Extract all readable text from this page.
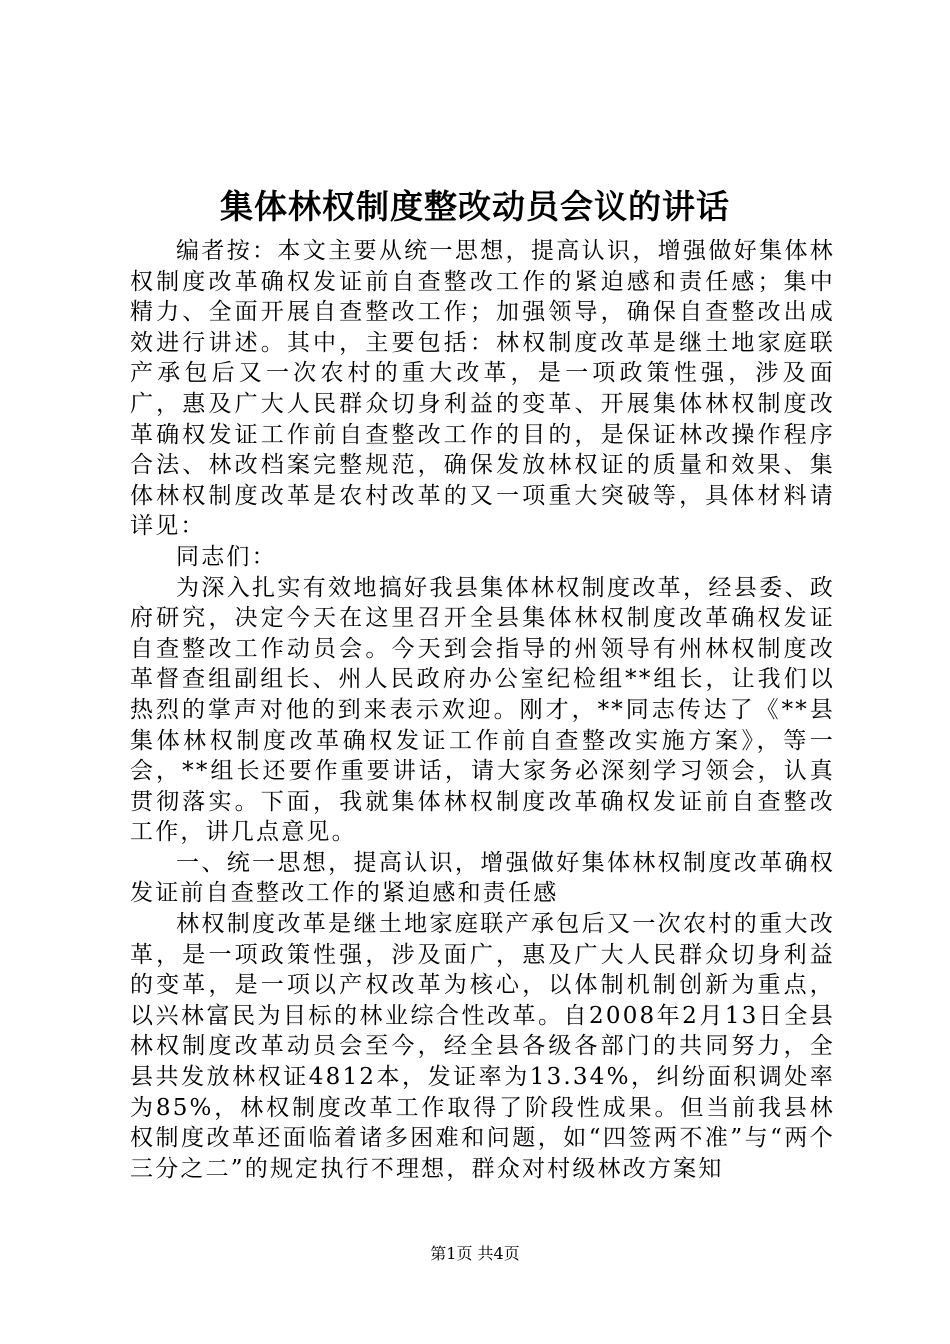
集体林权制度整改动员会议的讲话

编者按：本文主要从统一思想，提高认识，增强做好集体林权制度改革确权发证前自查整改工作的紧迫感和责任感；集中精力、全面开展自查整改工作；加强领导，确保自查整改出成效进行讲述。其中，主要包括：林权制度改革是继土地家庭联产承包后又一次农村的重大改革，是一项政策性强，涉及面广，惠及广大人民群众切身利益的变革、开展集体林权制度改革确权发证工作前自查整改工作的目的，是保证林改操作程序合法、林改档案完整规范，确保发放林权证的质量和效果、集体林权制度改革是农村改革的又一项重大突破等，具体材料请详见：

同志们：

为深入扎实有效地搞好我县集体林权制度改革，经县委、政府研究，决定今天在这里召开全县集体林权制度改革确权发证自查整改工作动员会。今天到会指导的州领导有州林权制度改革督查组副组长、州人民政府办公室纪检组**组长，让我们以热烈的掌声对他的到来表示欢迎。刚才，**同志传达了《**县集体林权制度改革确权发证工作前自查整改实施方案》，等一会，**组长还要作重要讲话，请大家务必深刻学习领会，认真贯彻落实。下面，我就集体林权制度改革确权发证前自查整改工作，讲几点意见。

一、统一思想，提高认识，增强做好集体林权制度改革确权发证前自查整改工作的紧迫感和责任感

林权制度改革是继土地家庭联产承包后又一次农村的重大改革，是一项政策性强，涉及面广，惠及广大人民群众切身利益的变革，是一项以产权改革为核心，以体制机制创新为重点，以兴林富民为目标的林业综合性改革。自2008年2月13日全县林权制度改革动员会至今，经全县各级各部门的共同努力，全县共发放林权证4812本，发证率为13.34%，纠纷面积调处率为85%，林权制度改革工作取得了阶段性成果。但当前我县林权制度改革还面临着诸多困难和问题，如“四签两不准”与“两个三分之二”的规定执行不理想，群众对村级林改方案知

第1页 共4页
